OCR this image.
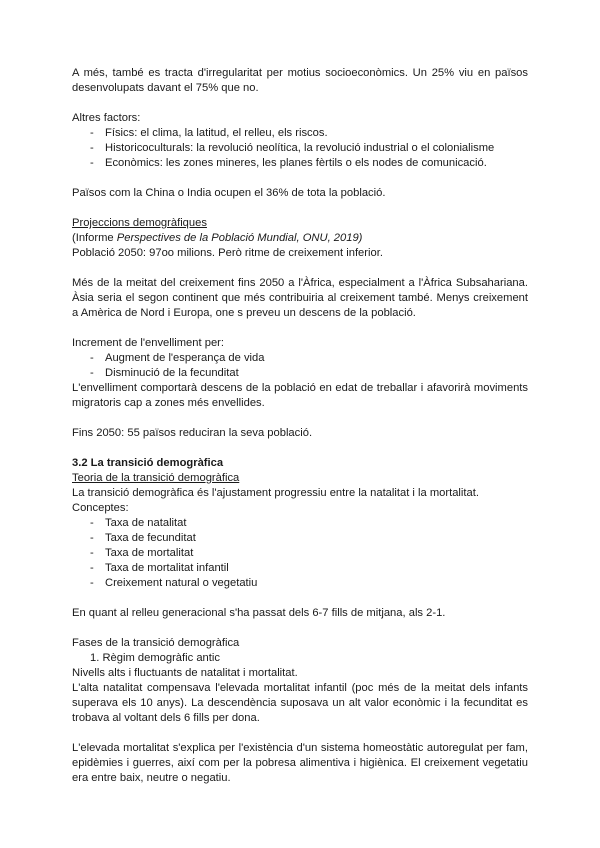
A més, també es tracta d'irregularitat per motius socioeconòmics. Un 25% viu en països desenvolupats davant el 75% que no.

Altres factors:

- Físics: el clima, la latitud, el relleu, els riscos.
- Historicoculturals: la revolució neolítica, la revolució industrial o el colonialisme
- Econòmics: les zones mineres, les planes fèrtils o els nodes de comunicació.

Països com la China o India ocupen el 36% de tota la població.

Projeccions demogràfiques

(Informe Perspectives de la Població Mundial, ONU, 2019)

Població 2050: 97oo milions. Però ritme de creixement inferior.

Més de la meitat del creixement fins 2050 a l'Àfrica, especialment a l'Àfrica Subsahariana. Àsia seria el segon continent que més contribuiria al creixement també. Menys creixement a Amèrica de Nord i Europa, one s preveu un descens de la població.

Increment de l'envelliment per:

- Augment de l'esperança de vida
- Disminució de la fecunditat

L'envelliment comportarà descens de la població en edat de treballar i afavorirà moviments migratoris cap a zones més envellides.

Fins 2050: 55 països reduciran la seva població.

3.2 La transició demogràfica

Teoria de la transició demogràfica

La transició demogràfica és l'ajustament progressiu entre la natalitat i la mortalitat.

Conceptes:

- Taxa de natalitat
- Taxa de fecunditat
- Taxa de mortalitat
- Taxa de mortalitat infantil
- Creixement natural o vegetatiu

En quant al relleu generacional s'ha passat dels 6-7 fills de mitjana, als 2-1.

Fases de la transició demogràfica

1. Règim demogràfic antic

Nivells alts i fluctuants de natalitat i mortalitat.

L'alta natalitat compensava l'elevada mortalitat infantil (poc més de la meitat dels infants superava els 10 anys). La descendència suposava un alt valor econòmic i la fecunditat es trobava al voltant dels 6 fills per dona.

L'elevada mortalitat s'explica per l'existència d'un sistema homeostàtic autoregulat per fam, epidèmies i guerres, així com per la pobresa alimentiva i higiènica. El creixement vegetatiu era entre baix, neutre o negatiu.
